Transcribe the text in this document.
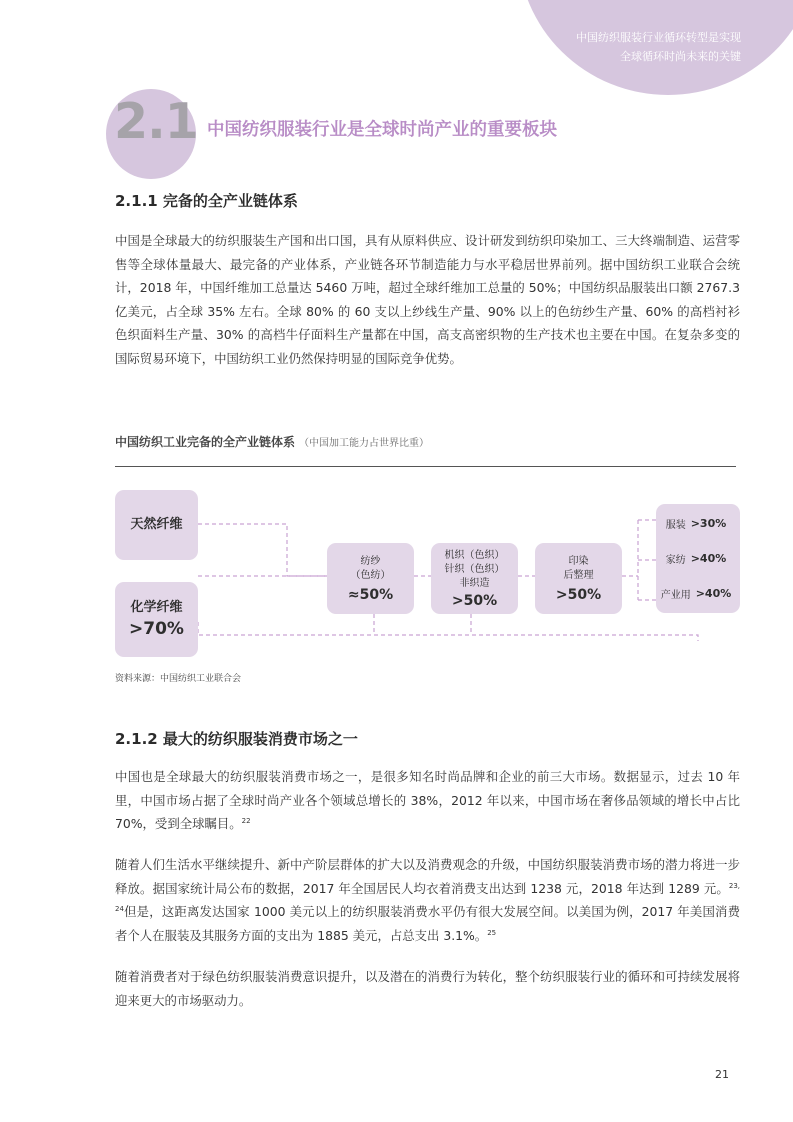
中国纺织服装行业循环转型是实现
全球循环时尚未来的关键
2.1 中国纺织服装行业是全球时尚产业的重要板块
2.1.1 完备的全产业链体系

中国是全球最大的纺织服装生产国和出口国，具有从原料供应、设计研发到纺织印染加工、三大终端制造、运营零售等全球体量最大、最完备的产业体系，产业链各环节制造能力与水平稳居世界前列。据中国纺织工业联合会统计，2018 年，中国纤维加工总量达 5460 万吨，超过全球纤维加工总量的 50%；中国纺织品服装出口额 2767.3 亿美元，占全球 35% 左右。全球 80% 的 60 支以上纱线生产量、90% 以上的色纺纱生产量、60% 的高档衬衫色织面料生产量、30% 的高档牛仔面料生产量都在中国，高支高密织物的生产技术也主要在中国。在复杂多变的国际贸易环境下，中国纺织工业仍然保持明显的国际竞争优势。

中国纺织工业完备的全产业链体系 （中国加工能力占世界比重）
天然纤维
化学纤维
>70%
纺纱
（色纺）
≈50%
机织（色织）
针织（色织）
非织造
>50%
印染
后整理
>50%
服装 >30%
家纺 >40%
产业用 >40%
资料来源：中国纺织工业联合会
2.1.2 最大的纺织服装消费市场之一

中国也是全球最大的纺织服装消费市场之一，是很多知名时尚品牌和企业的前三大市场。数据显示，过去 10 年里，中国市场占据了全球时尚产业各个领域总增长的 38%，2012 年以来，中国市场在奢侈品领域的增长中占比 70%，受到全球瞩目。$^{22}$

随着人们生活水平继续提升、新中产阶层群体的扩大以及消费观念的升级，中国纺织服装消费市场的潜力将进一步释放。据国家统计局公布的数据，2017 年全国居民人均衣着消费支出达到 1238 元，2018 年达到 1289 元。$^{23, 24}$但是，这距离发达国家 1000 美元以上的纺织服装消费水平仍有很大发展空间。以美国为例，2017 年美国消费者个人在服装及其服务方面的支出为 1885 美元，占总支出 3.1%。$^{25}$

随着消费者对于绿色纺织服装消费意识提升，以及潜在的消费行为转化，整个纺织服装行业的循环和可持续发展将迎来更大的市场驱动力。

21
